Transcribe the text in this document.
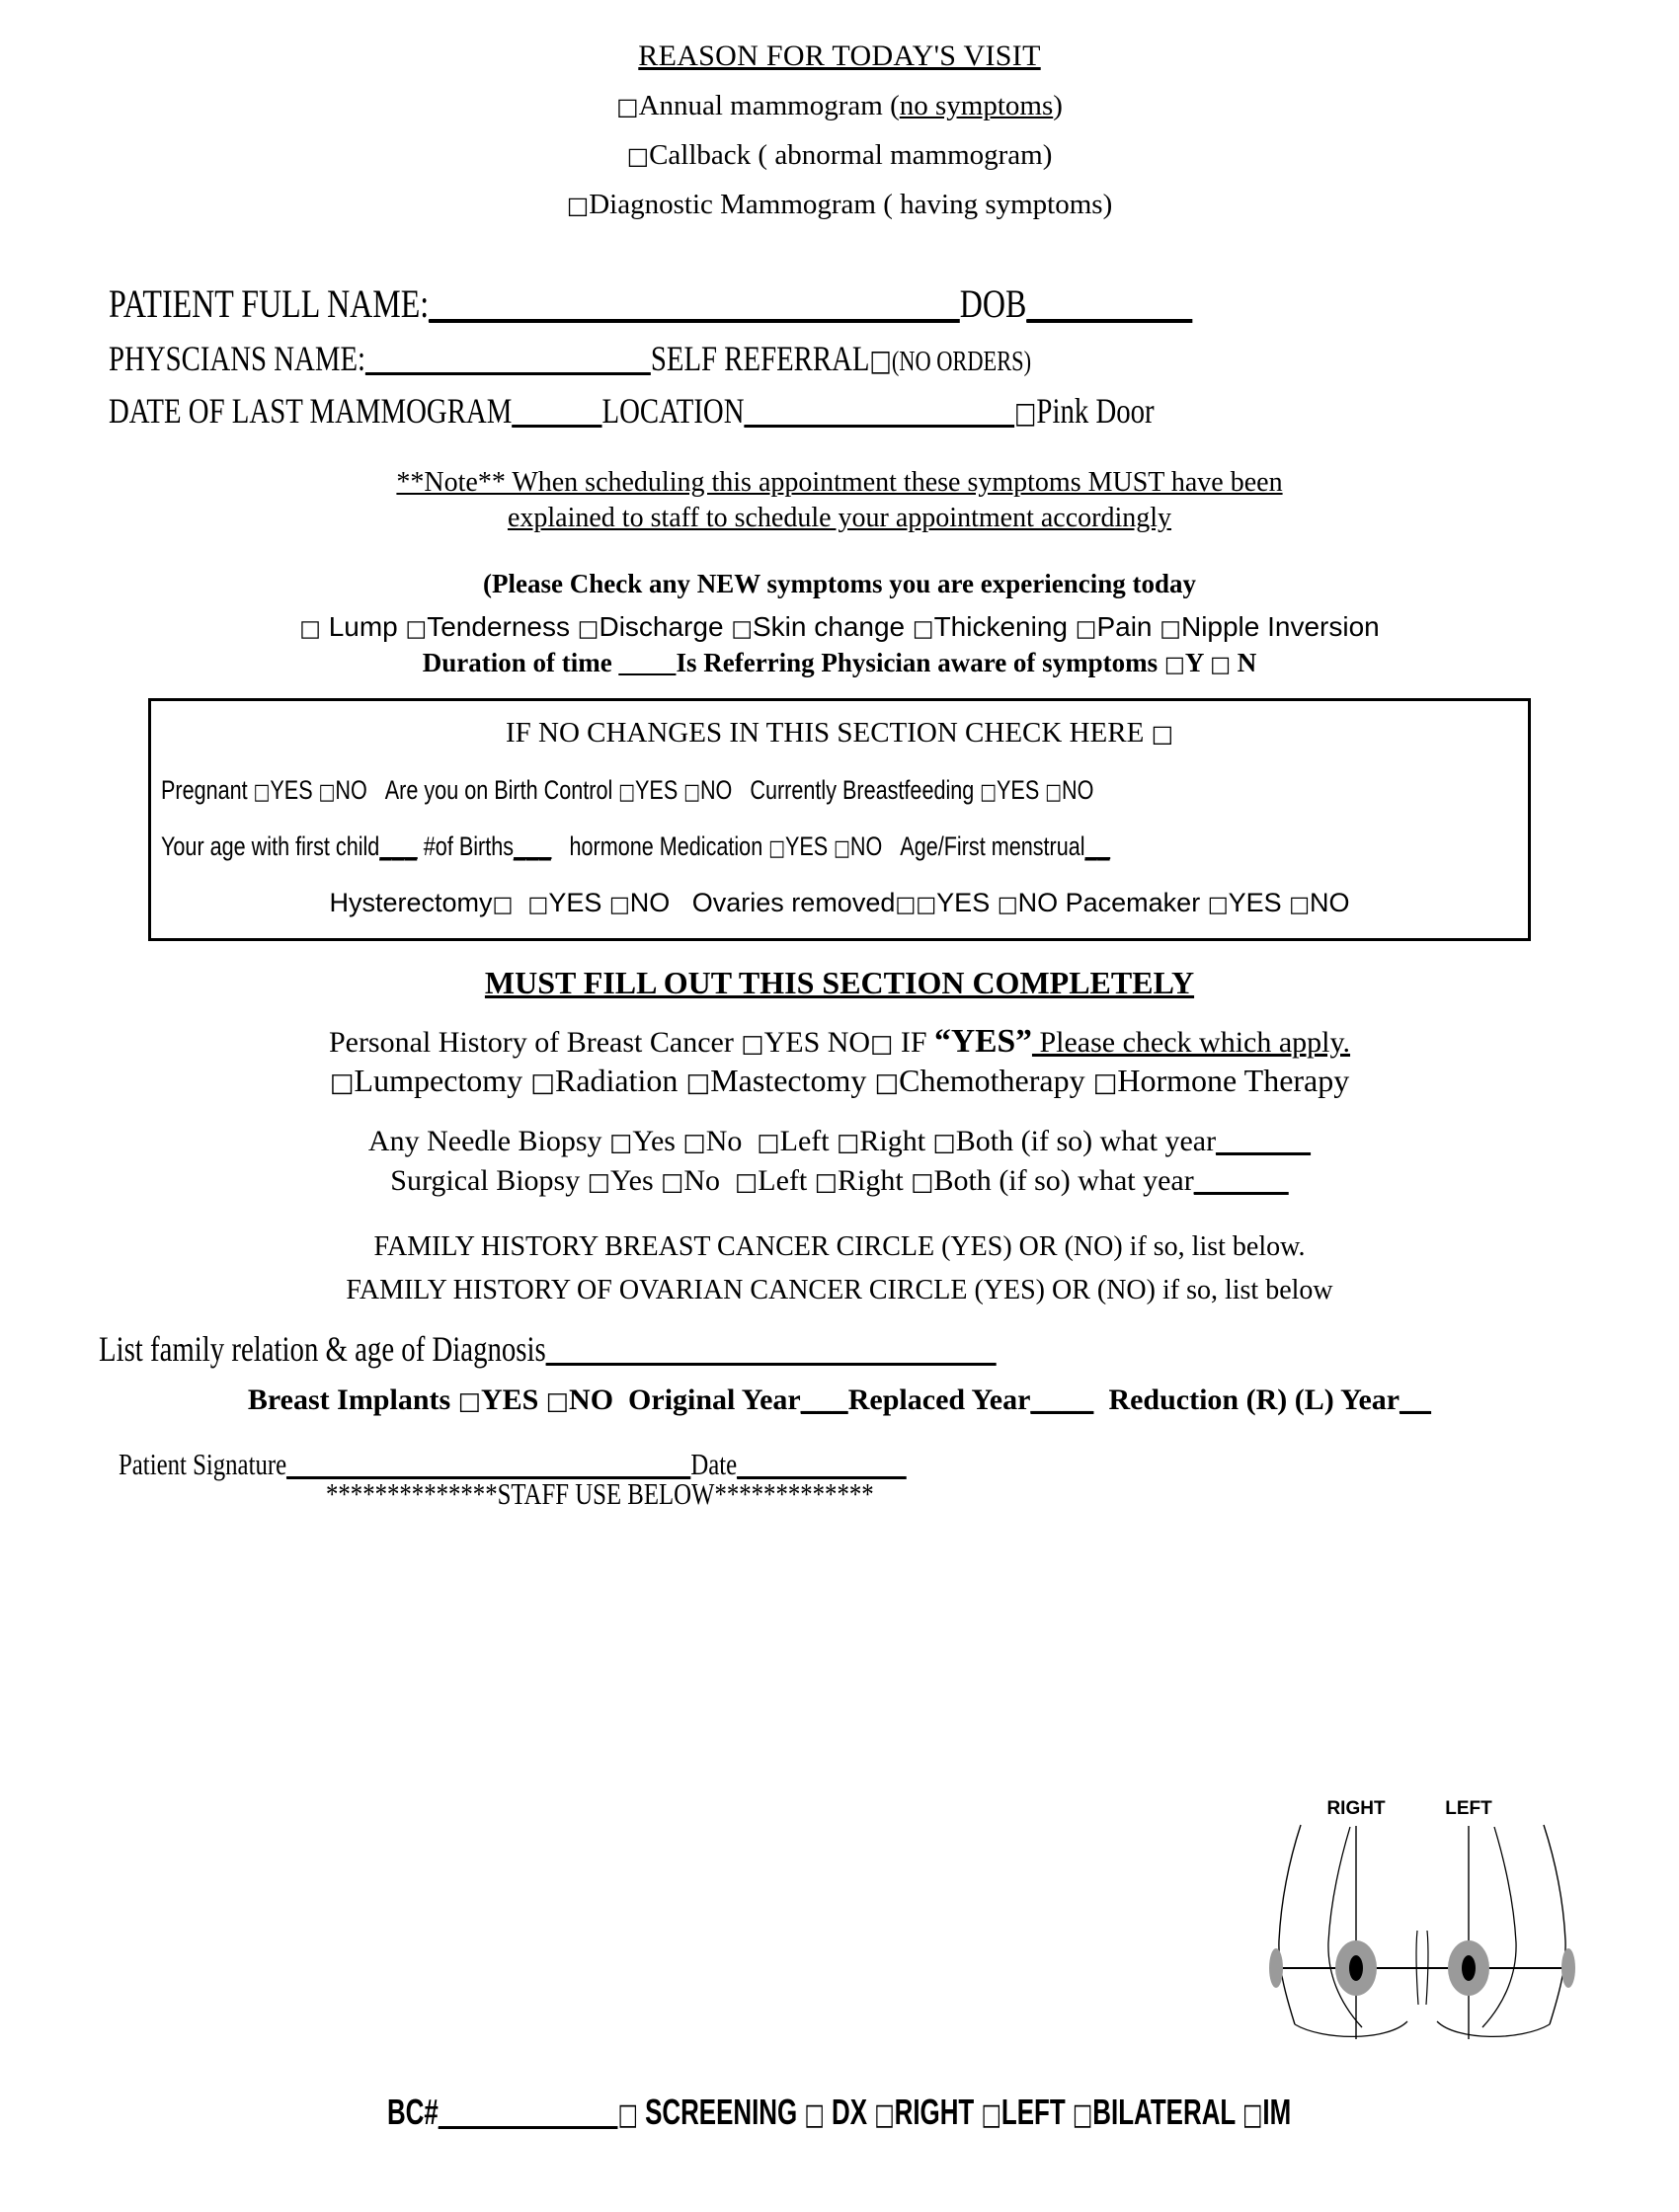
REASON FOR TODAY'S VISIT
□Annual mammogram (no symptoms)
□Callback ( abnormal mammogram)
□Diagnostic Mammogram ( having symptoms)
PATIENT FULL NAME:________________________________DOB__________
PHYSCIANS NAME:___________________SELF REFERRAL□(NO ORDERS)
DATE OF LAST MAMMOGRAM______LOCATION__________________□Pink Door
**Note** When scheduling this appointment these symptoms MUST have been
explained to staff to schedule your appointment accordingly
(Please Check any NEW symptoms you are experiencing today
□ Lump □Tenderness □Discharge □Skin change □Thickening □Pain □Nipple Inversion
Duration of time ____Is Referring Physician aware of symptoms □Y □ N
IF NO CHANGES IN THIS SECTION CHECK HERE □
Pregnant □YES □NO Are you on Birth Control □YES □NO Currently Breastfeeding □YES □NO
Your age with first child___ #of Births___ hormone Medication □YES □NO Age/First menstrual__
Hysterectomy□ □YES □NO Ovaries removed□□YES □NO Pacemaker □YES □NO
MUST FILL OUT THIS SECTION COMPLETELY
Personal History of Breast Cancer □YES NO□ IF “YES” Please check which apply.
□Lumpectomy □Radiation □Mastectomy □Chemotherapy □Hormone Therapy
Any Needle Biopsy □Yes □No □Left □Right □Both (if so) what year______
Surgical Biopsy □Yes □No □Left □Right □Both (if so) what year______
FAMILY HISTORY BREAST CANCER CIRCLE (YES) OR (NO) if so, list below.
FAMILY HISTORY OF OVARIAN CANCER CIRCLE (YES) OR (NO) if so, list below
List family relation & age of Diagnosis______________________________
Breast Implants □YES □NO Original Year___Replaced Year____ Reduction (R) (L) Year__
Patient Signature_______________________________Date_____________
**************STAFF USE BELOW*************
RIGHT	LEFT
BC#____________□ SCREENING □ DX □RIGHT □LEFT □BILATERAL □IM
